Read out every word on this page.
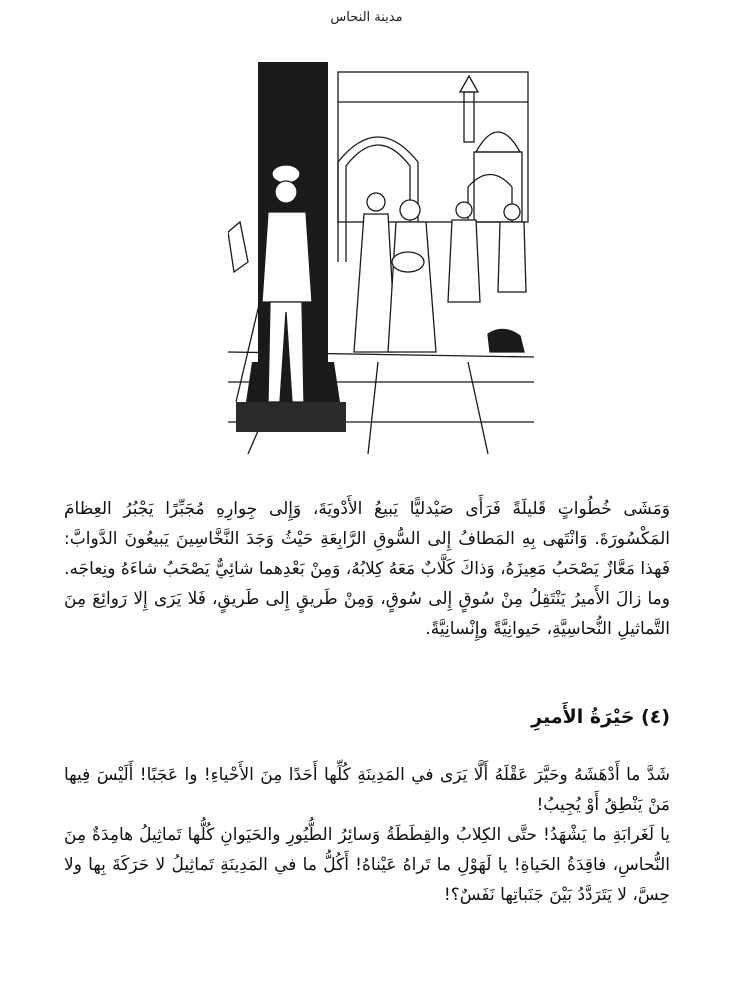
مدينة النحاس

وَمَشَى خُطُواتٍ قَليلَةً فَرَأَى صَيْدليًّا يَبيعُ الأَدْويَةَ، وَإِلى جِوارِهِ مُجَبِّرًا يَجْبُرُ العِظامَ المَكْسُورَةَ. وَانْتَهى بِهِ المَطافُ إِلى السُّوقِ الرَّابِعَةِ حَيْثُ وَجَدَ النَّخَّاسِينَ يَبيعُونَ الدَّوابَّ: فَهذا مَعَّازٌ يَصْحَبُ مَعِيزَهُ، وَذاكَ كَلَّابٌ مَعَهُ كِلابُهُ، وَمِنْ بَعْدِهما شائِيٌّ يَصْحَبُ شاءَهُ ونِعاجَه.

وما زالَ الأَميرُ يَنْتَقِلُ مِنْ سُوقٍ إِلى سُوقٍ، وَمِنْ طَريقٍ إِلى طَريقٍ، فَلا يَرَى إِلا رَوائِعَ مِنَ التَّماثيلِ النُّحاسِيَّةِ، حَيوانِيَّةً وإِنْسانِيَّةً.

(٤) حَيْرَةُ الأَميرِ

شَدَّ ما أَدْهَشَهُ وحَيَّرَ عَقْلَهُ أَلَّا يَرَى في المَدِينَةِ كُلِّها أَحَدًا مِنَ الأَحْياءِ! وا عَجَبًا! أَلَيْسَ فِيها مَنْ يَنْطِقُ أَوْ يُجِيبُ!

يا لَغَرابَةِ ما يَشْهَدُ! حتَّى الكِلابُ والقِطَطَةُ وَسائِرُ الطُّيُورِ والحَيَوانِ كُلُّها تَماثِيلُ هامِدَةٌ مِنَ النُّحاسِ، فاقِدَةُ الحَياةِ! يا لَهَوْلِ ما تَراهُ عَيْناهُ! أَكُلُّ ما في المَدِينَةِ تَماثِيلُ لا حَرَكَةَ بِها ولا حِسَّ، لا يَتَرَدَّدُ بَيْنَ جَنَباتِها نَفَسٌ؟!
